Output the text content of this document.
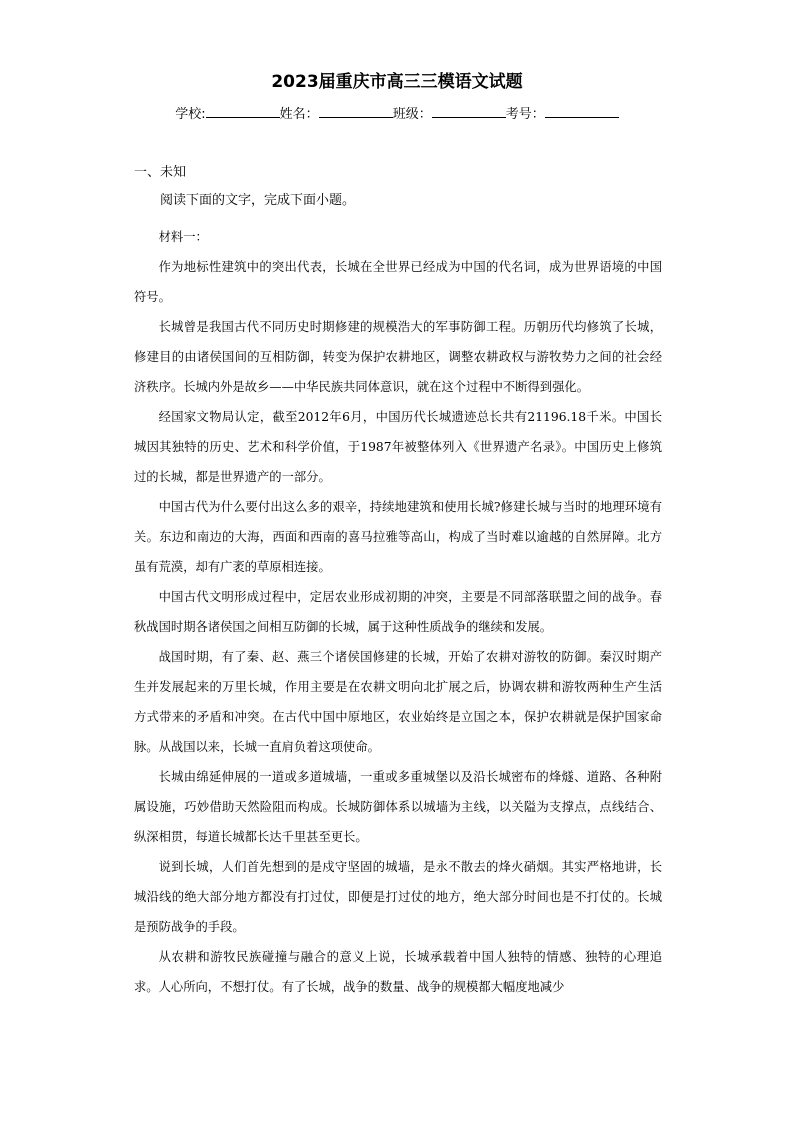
2023届重庆市高三三模语文试题
学校:	姓名：	班级：	考号：
一、未知
阅读下面的文字，完成下面小题。

材料一：

作为地标性建筑中的突出代表，长城在全世界已经成为中国的代名词，成为世界语境的中国符号。

长城曾是我国古代不同历史时期修建的规模浩大的军事防御工程。历朝历代均修筑了长城，修建目的由诸侯国间的互相防御，转变为保护农耕地区，调整农耕政权与游牧势力之间的社会经济秩序。长城内外是故乡——中华民族共同体意识，就在这个过程中不断得到强化。

经国家文物局认定，截至2012年6月，中国历代长城遗迹总长共有21196.18千米。中国长城因其独特的历史、艺术和科学价值，于1987年被整体列入《世界遗产名录》。中国历史上修筑过的长城，都是世界遗产的一部分。

中国古代为什么要付出这么多的艰辛，持续地建筑和使用长城?修建长城与当时的地理环境有关。东边和南边的大海，西面和西南的喜马拉雅等高山，构成了当时难以逾越的自然屏障。北方虽有荒漠，却有广袤的草原相连接。

中国古代文明形成过程中，定居农业形成初期的冲突，主要是不同部落联盟之间的战争。春秋战国时期各诸侯国之间相互防御的长城，属于这种性质战争的继续和发展。

战国时期，有了秦、赵、燕三个诸侯国修建的长城，开始了农耕对游牧的防御。秦汉时期产生并发展起来的万里长城，作用主要是在农耕文明向北扩展之后，协调农耕和游牧两种生产生活方式带来的矛盾和冲突。在古代中国中原地区，农业始终是立国之本，保护农耕就是保护国家命脉。从战国以来，长城一直肩负着这项使命。

长城由绵延伸展的一道或多道城墙，一重或多重城堡以及沿长城密布的烽燧、道路、各种附属设施，巧妙借助天然险阻而构成。长城防御体系以城墙为主线，以关隘为支撑点，点线结合、纵深相贯，每道长城都长达千里甚至更长。

说到长城，人们首先想到的是戍守坚固的城墙，是永不散去的烽火硝烟。其实严格地讲，长城沿线的绝大部分地方都没有打过仗，即便是打过仗的地方，绝大部分时间也是不打仗的。长城是预防战争的手段。

从农耕和游牧民族碰撞与融合的意义上说，长城承载着中国人独特的情感、独特的心理追求。人心所向，不想打仗。有了长城，战争的数量、战争的规模都大幅度地减少
